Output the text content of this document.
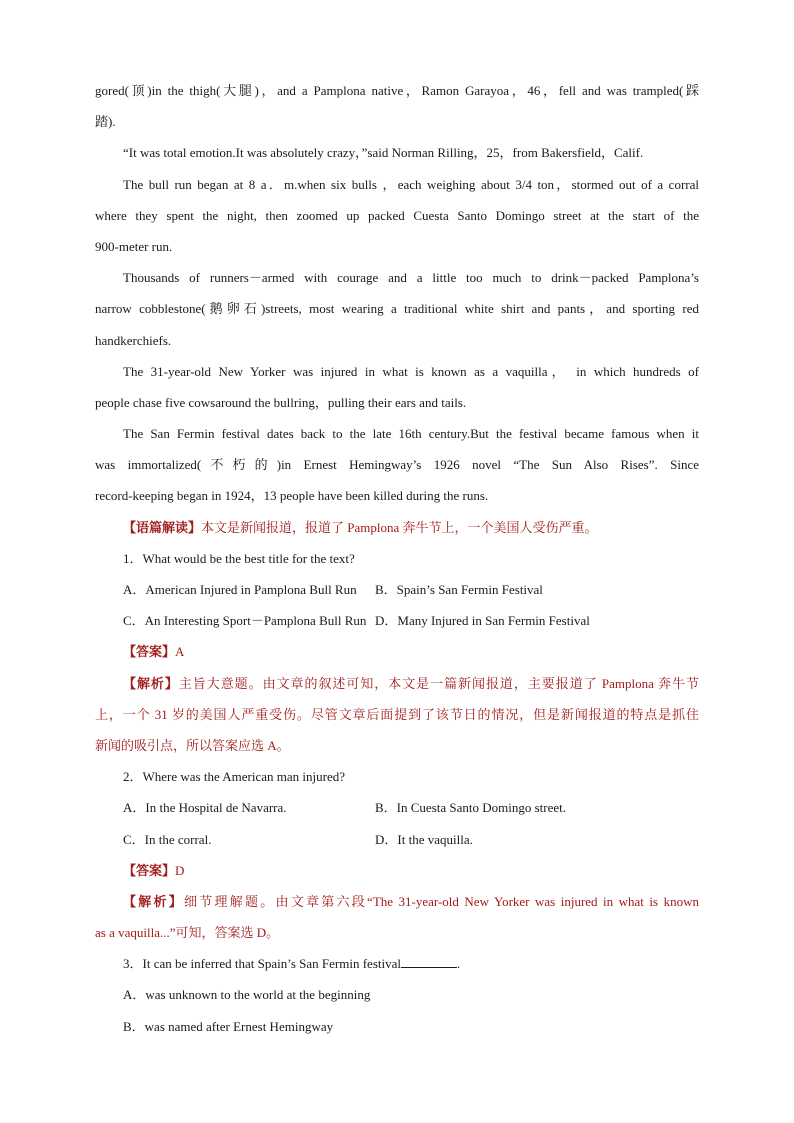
gored(顶)in the thigh(大腿)，and a Pamplona native，Ramon Garayoa，46，fell and was trampled(踩
踏).
“It was total emotion.It was absolutely crazy，”said Norman Rilling，25，from Bakersfield，Calif.
The bull run began at 8 a．m.when six bulls ，each weighing about 3/4 ton，stormed out of a corral
where they spent the night, then zoomed up packed Cuesta Santo Domingo street at the start of the
900-meter run.
Thousands of runners－armed with courage and a little too much to drink－packed Pamplona’s
narrow cobblestone(鹅卵石)streets, most wearing a traditional white shirt and pants，and sporting red
handkerchiefs.
The 31-year-old New Yorker was injured in what is known as a vaquilla， in which hundreds of
people chase five cowsaround the bullring，pulling their ears and tails.
The San Fermin festival dates back to the late 16th century.But the festival became famous when it
was immortalized(不朽的)in Ernest Hemingway’s 1926 novel “The Sun Also Rises”. Since
record-keeping began in 1924，13 people have been killed during the runs.
【语篇解读】本文是新闻报道，报道了 Pamplona 奔牛节上，一个美国人受伤严重。
1．What would be the best title for the text?
A．American Injured in Pamplona Bull Run	B．Spain’s San Fermin Festival
C．An Interesting Sport－Pamplona Bull Run D．Many Injured in San Fermin Festival
【答案】A
【解析】主旨大意题。由文章的叙述可知，本文是一篇新闻报道，主要报道了 Pamplona 奔牛节
上，一个 31 岁的美国人严重受伤。尽管文章后面提到了该节日的情况，但是新闻报道的特点是抓住
新闻的吸引点，所以答案应选 A。
2．Where was the American man injured?
A．In the Hospital de Navarra.	B．In Cuesta Santo Domingo street.
C．In the corral.	D．It the vaquilla.
【答案】D
【解析】细节理解题。由文章第六段“The 31-year-old New Yorker was injured in what is known
as a vaquilla...”可知，答案选 D。
3．It can be inferred that Spain’s San Fermin festival	.
A．was unknown to the world at the beginning
B．was named after Ernest Hemingway
